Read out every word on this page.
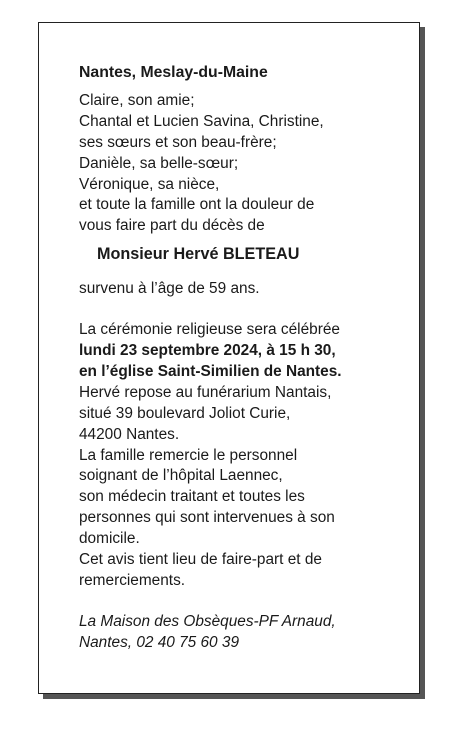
Nantes, Meslay-du-Maine
Claire, son amie;
Chantal et Lucien Savina, Christine,
ses sœurs et son beau-frère;
Danièle, sa belle-sœur;
Véronique, sa nièce,
et toute la famille ont la douleur de
vous faire part du décès de
Monsieur Hervé BLETEAU
survenu à l’âge de 59 ans.
La cérémonie religieuse sera célébrée
lundi 23 septembre 2024, à 15 h 30,
en l’église Saint-Similien de Nantes.
Hervé repose au funérarium Nantais,
situé 39 boulevard Joliot Curie,
44200 Nantes.
La famille remercie le personnel
soignant de l’hôpital Laennec,
son médecin traitant et toutes les
personnes qui sont intervenues à son
domicile.
Cet avis tient lieu de faire-part et de
remerciements.
La Maison des Obsèques-PF Arnaud,
Nantes, 02 40 75 60 39
